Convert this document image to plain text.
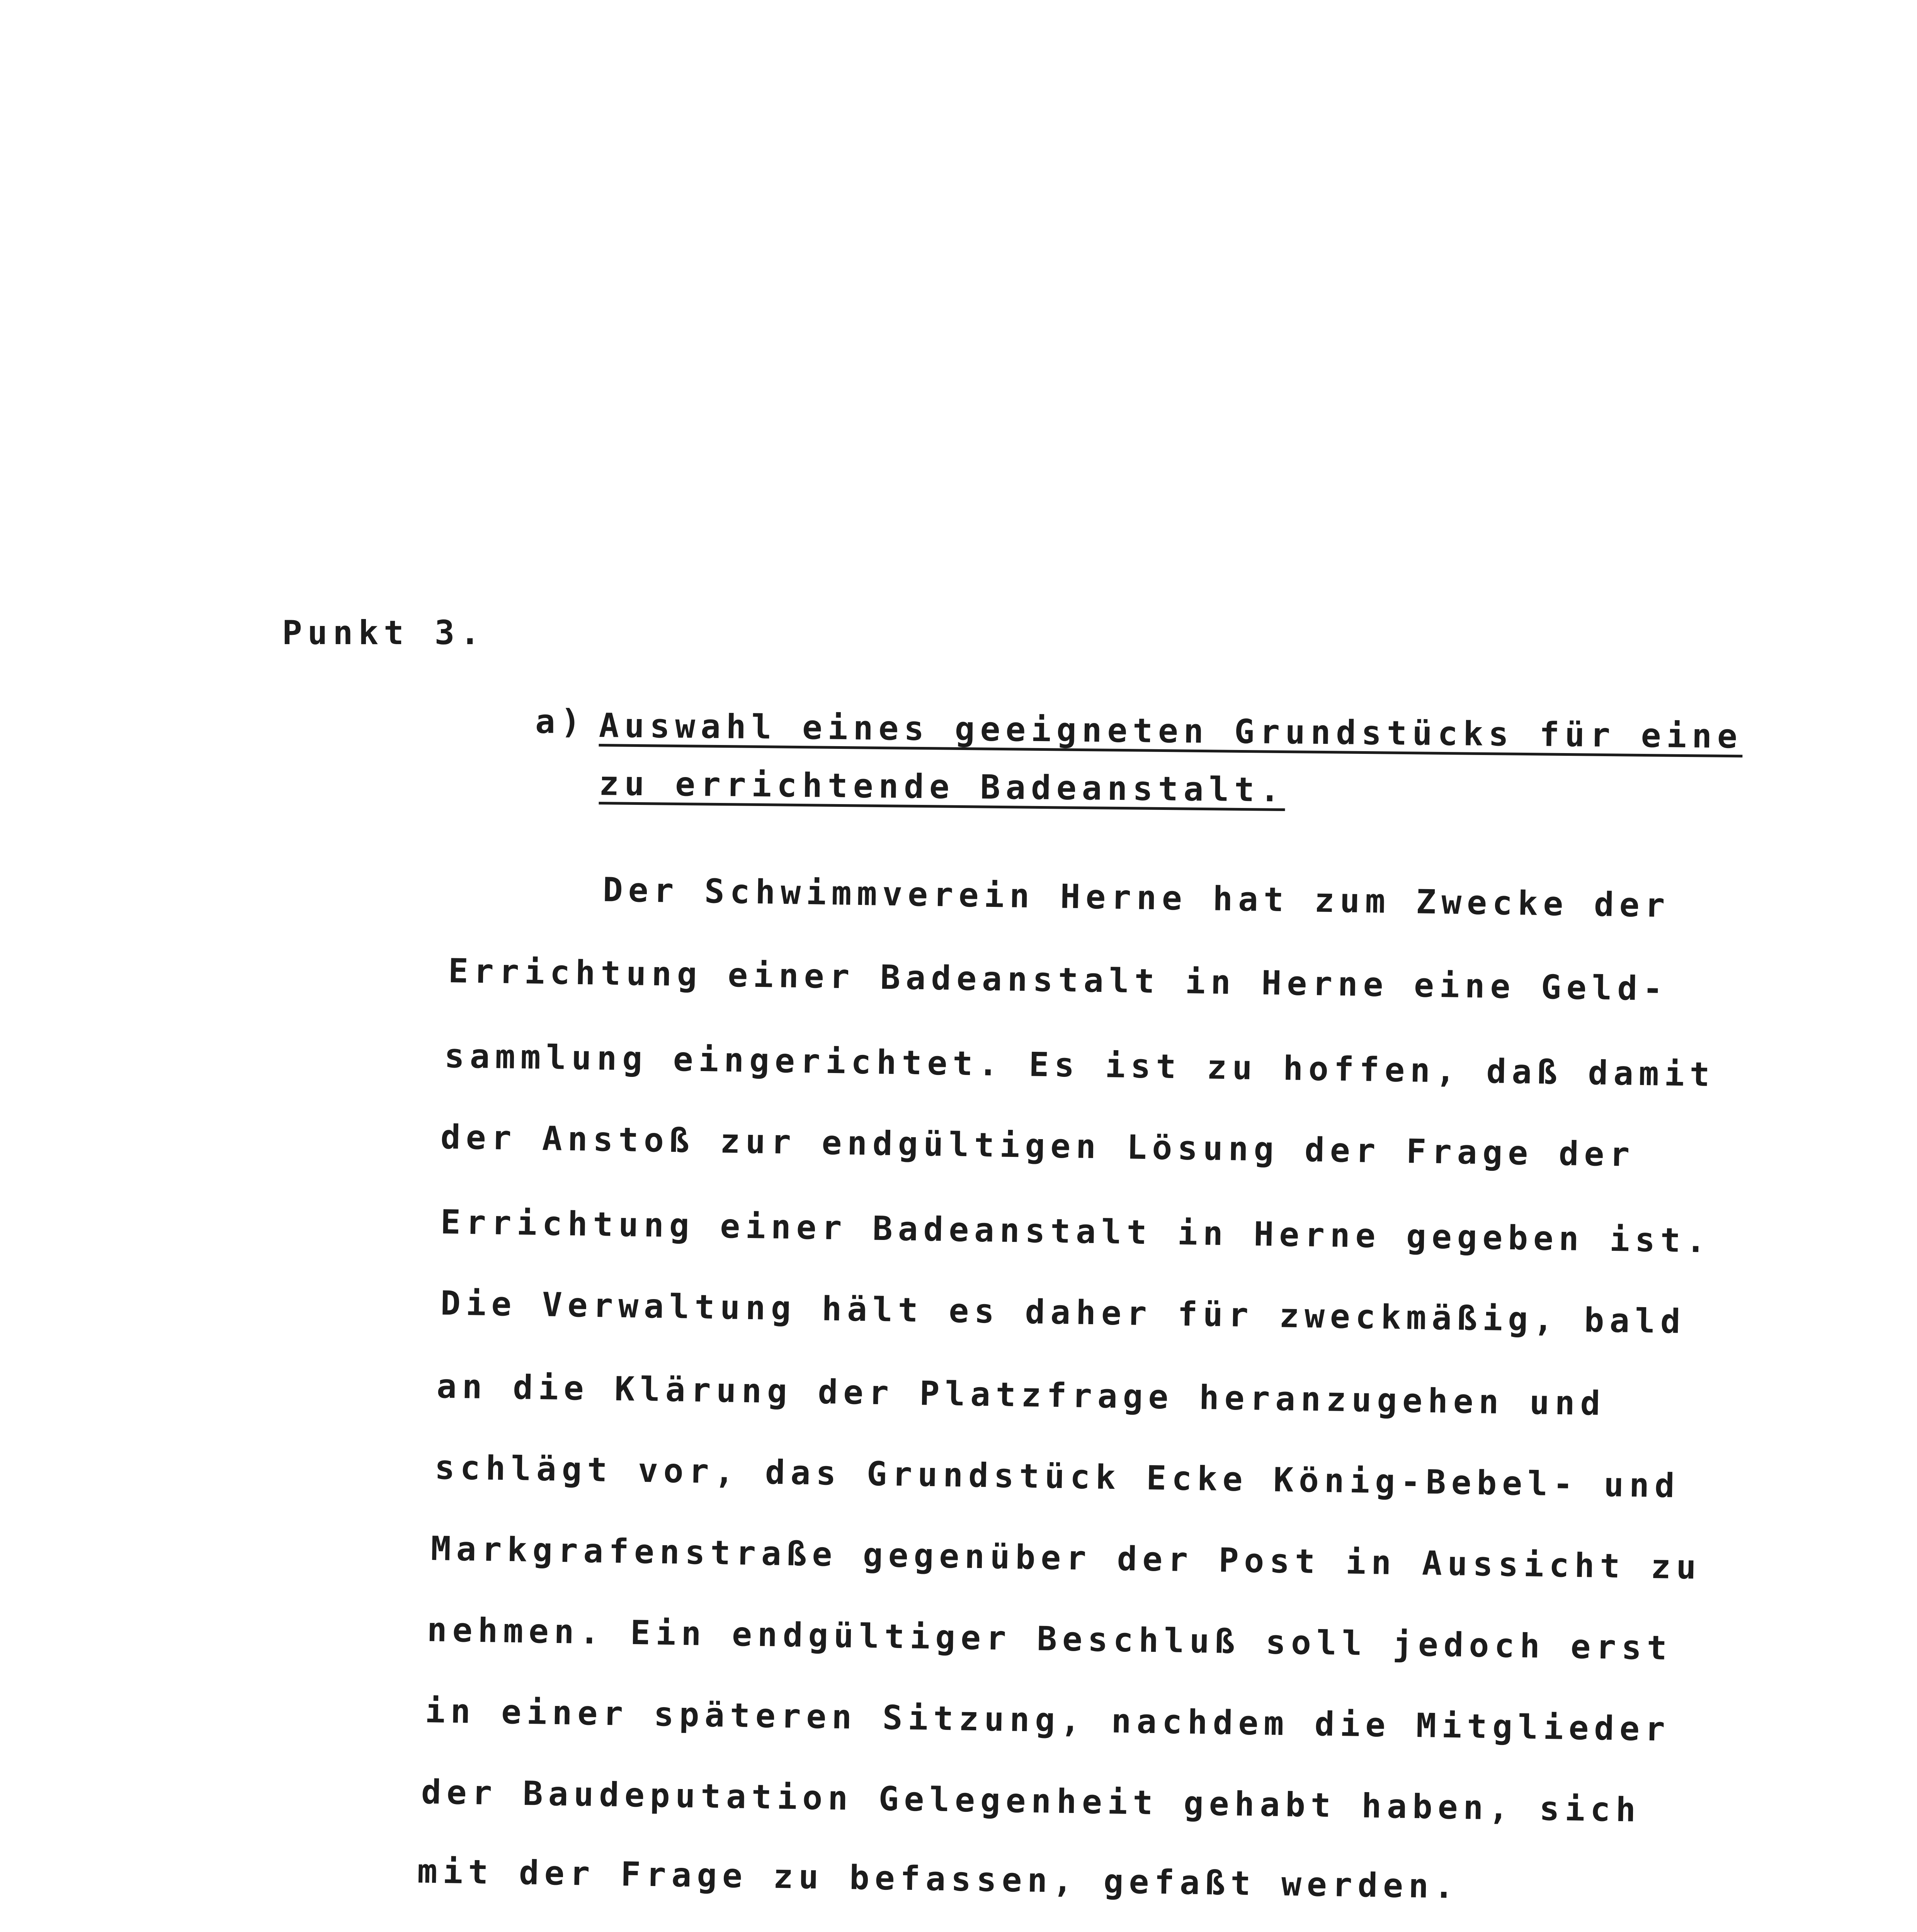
Punkt 3.
a) Auswahl eines geeigneten Grundstücks für eine
zu errichtende Badeanstalt.
Der Schwimmverein Herne hat zum Zwecke der
Errichtung einer Badeanstalt in Herne eine Geld-
sammlung eingerichtet. Es ist zu hoffen, daß damit
der Anstoß zur endgültigen Lösung der Frage der
Errichtung einer Badeanstalt in Herne gegeben ist.
Die Verwaltung hält es daher für zweckmäßig, bald
an die Klärung der Platzfrage heranzugehen und
schlägt vor, das Grundstück Ecke König-Bebel- und
Markgrafenstraße gegenüber der Post in Aussicht zu
nehmen. Ein endgültiger Beschluß soll jedoch erst
in einer späteren Sitzung, nachdem die Mitglieder
der Baudeputation Gelegenheit gehabt haben, sich
mit der Frage zu befassen, gefaßt werden.
